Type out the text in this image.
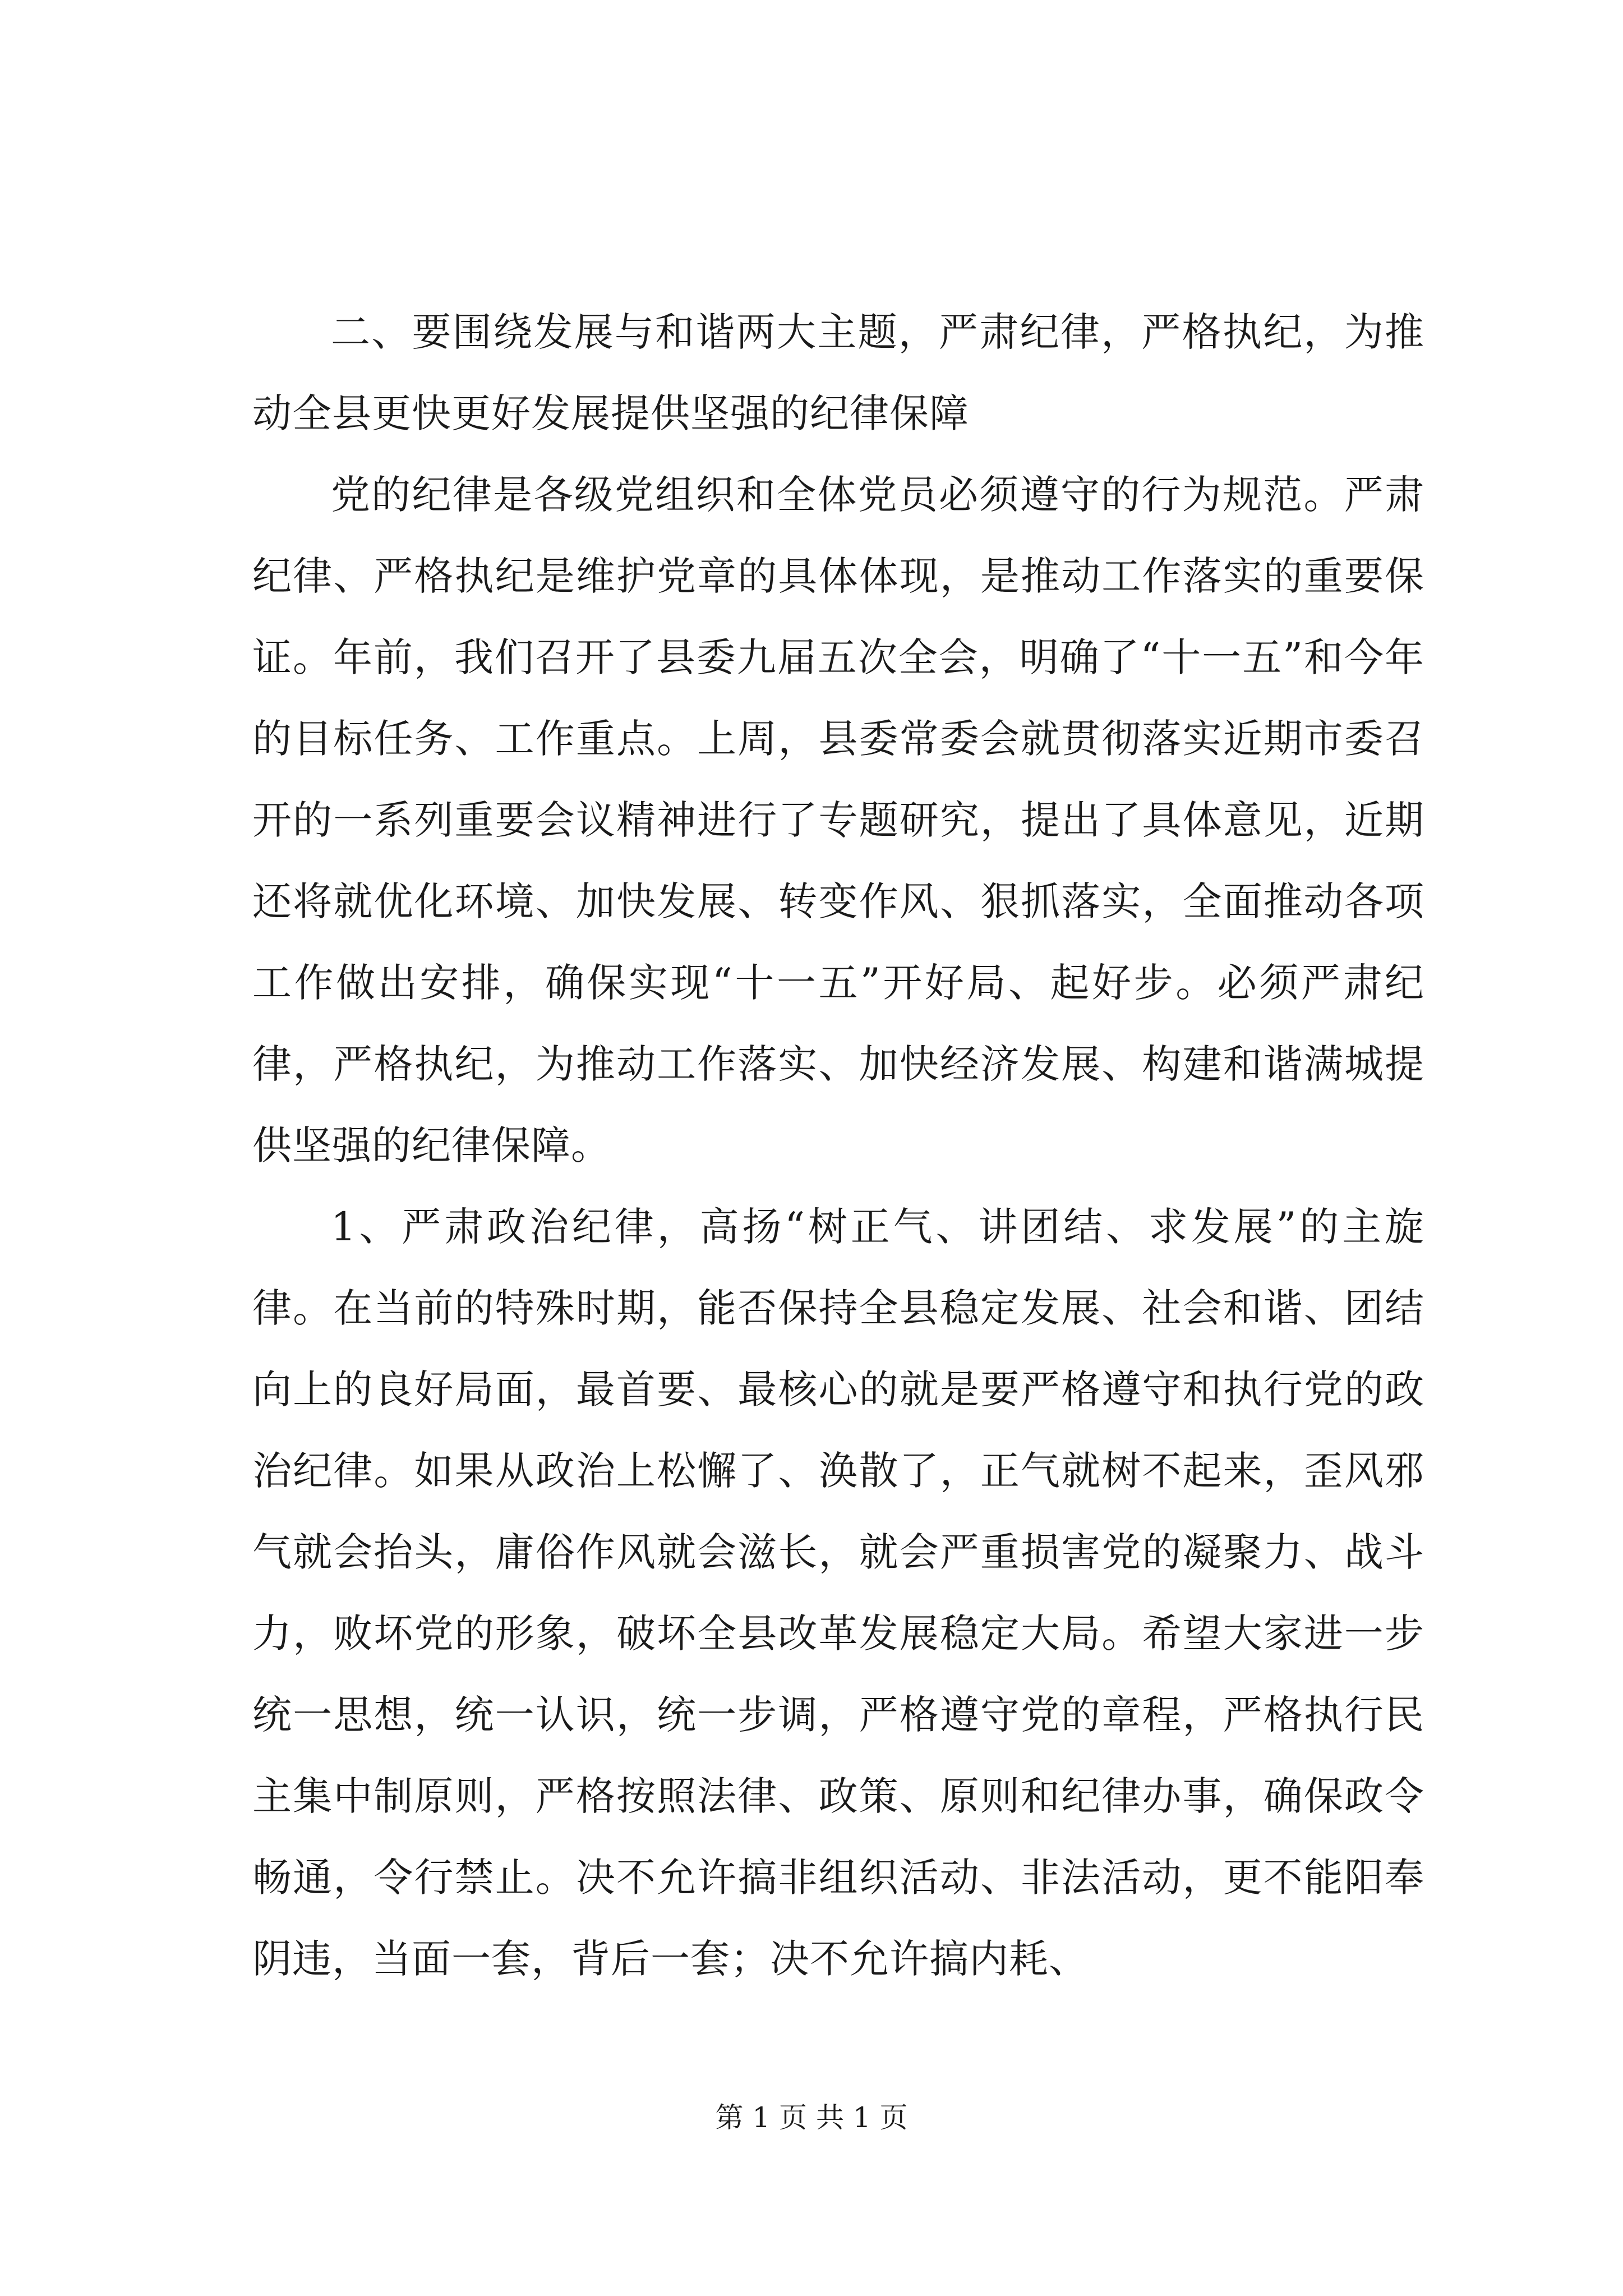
二、要围绕发展与和谐两大主题，严肃纪律，严格执纪，为推动全县更快更好发展提供坚强的纪律保障

党的纪律是各级党组织和全体党员必须遵守的行为规范。严肃纪律、严格执纪是维护党章的具体体现，是推动工作落实的重要保证。年前，我们召开了县委九届五次全会，明确了“十一五”和今年的目标任务、工作重点。上周，县委常委会就贯彻落实近期市委召开的一系列重要会议精神进行了专题研究，提出了具体意见，近期还将就优化环境、加快发展、转变作风、狠抓落实，全面推动各项工作做出安排，确保实现“十一五”开好局、起好步。必须严肃纪律，严格执纪，为推动工作落实、加快经济发展、构建和谐满城提供坚强的纪律保障。

1、严肃政治纪律，高扬“树正气、讲团结、求发展”的主旋律。在当前的特殊时期，能否保持全县稳定发展、社会和谐、团结向上的良好局面，最首要、最核心的就是要严格遵守和执行党的政治纪律。如果从政治上松懈了、涣散了，正气就树不起来，歪风邪气就会抬头，庸俗作风就会滋长，就会严重损害党的凝聚力、战斗力，败坏党的形象，破坏全县改革发展稳定大局。希望大家进一步统一思想，统一认识，统一步调，严格遵守党的章程，严格执行民主集中制原则，严格按照法律、政策、原则和纪律办事，确保政令畅通，令行禁止。决不允许搞非组织活动、非法活动，更不能阳奉阴违，当面一套，背后一套；决不允许搞内耗、

第 1 页 共 1 页
